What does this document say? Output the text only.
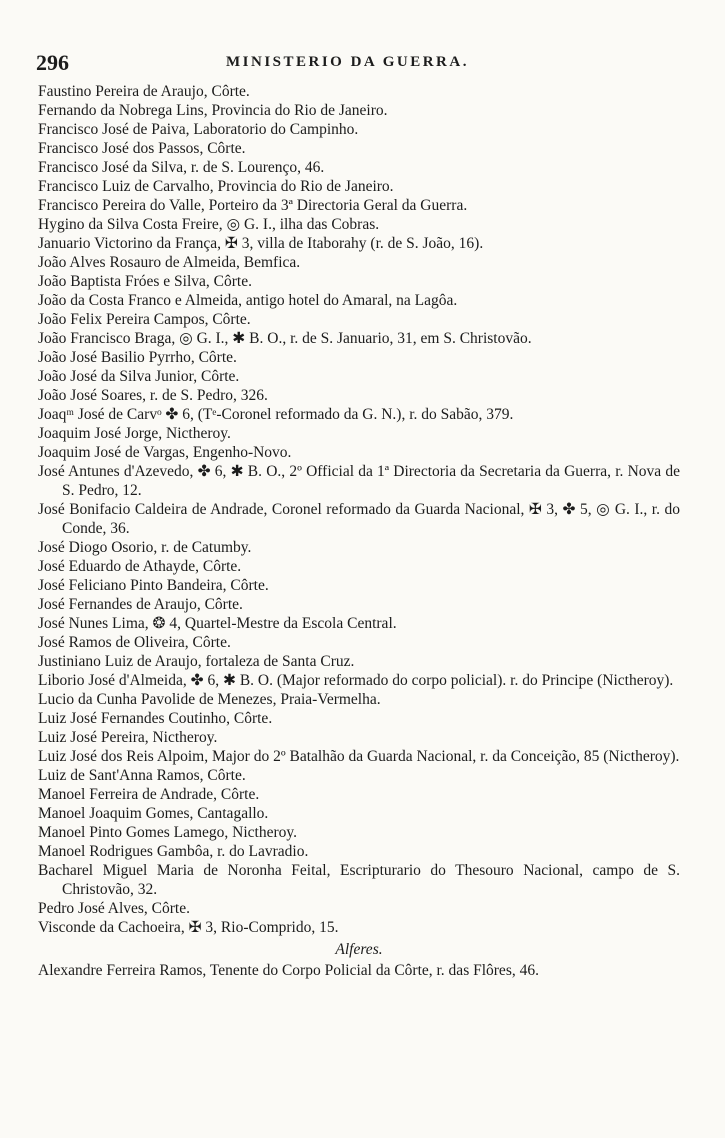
296	MINISTERIO DA GUERRA.
Faustino Pereira de Araujo, Côrte.
Fernando da Nobrega Lins, Provincia do Rio de Janeiro.
Francisco José de Paiva, Laboratorio do Campinho.
Francisco José dos Passos, Côrte.
Francisco José da Silva, r. de S. Lourenço, 46.
Francisco Luiz de Carvalho, Provincia do Rio de Janeiro.
Francisco Pereira do Valle, Porteiro da 3ª Directoria Geral da Guerra.
Hygino da Silva Costa Freire, ◎ G. I., ilha das Cobras.
Januario Victorino da França, ✠ 3, villa de Itaborahy (r. de S. João, 16).
João Alves Rosauro de Almeida, Bemfica.
João Baptista Fróes e Silva, Côrte.
João da Costa Franco e Almeida, antigo hotel do Amaral, na Lagôa.
João Felix Pereira Campos, Côrte.
João Francisco Braga, ◎ G. I., ✱ B. O., r. de S. Januario, 31, em S. Christovão.
João José Basilio Pyrrho, Côrte.
João José da Silva Junior, Côrte.
João José Soares, r. de S. Pedro, 326.
Joaqᵐ José de Carvᵒ ✤ 6, (Tᵉ-Coronel reformado da G. N.), r. do Sabão, 379.
Joaquim José Jorge, Nictheroy.
Joaquim José de Vargas, Engenho-Novo.
José Antunes d'Azevedo, ✤ 6, ✱ B. O., 2º Official da 1ª Directoria da Secretaria da Guerra, r. Nova de S. Pedro, 12.
José Bonifacio Caldeira de Andrade, Coronel reformado da Guarda Nacional, ✠ 3, ✤ 5, ◎ G. I., r. do Conde, 36.
José Diogo Osorio, r. de Catumby.
José Eduardo de Athayde, Côrte.
José Feliciano Pinto Bandeira, Côrte.
José Fernandes de Araujo, Côrte.
José Nunes Lima, ❂ 4, Quartel-Mestre da Escola Central.
José Ramos de Oliveira, Côrte.
Justiniano Luiz de Araujo, fortaleza de Santa Cruz.
Liborio José d'Almeida, ✤ 6, ✱ B. O. (Major reformado do corpo policial). r. do Principe (Nictheroy).
Lucio da Cunha Pavolide de Menezes, Praia-Vermelha.
Luiz José Fernandes Coutinho, Côrte.
Luiz José Pereira, Nictheroy.
Luiz José dos Reis Alpoim, Major do 2º Batalhão da Guarda Nacional, r. da Conceição, 85 (Nictheroy).
Luiz de Sant'Anna Ramos, Côrte.
Manoel Ferreira de Andrade, Côrte.
Manoel Joaquim Gomes, Cantagallo.
Manoel Pinto Gomes Lamego, Nictheroy.
Manoel Rodrigues Gambôa, r. do Lavradio.
Bacharel Miguel Maria de Noronha Feital, Escripturario do Thesouro Nacional, campo de S. Christovão, 32.
Pedro José Alves, Côrte.
Visconde da Cachoeira, ✠ 3, Rio-Comprido, 15.
Alferes.
Alexandre Ferreira Ramos, Tenente do Corpo Policial da Côrte, r. das Flôres, 46.
